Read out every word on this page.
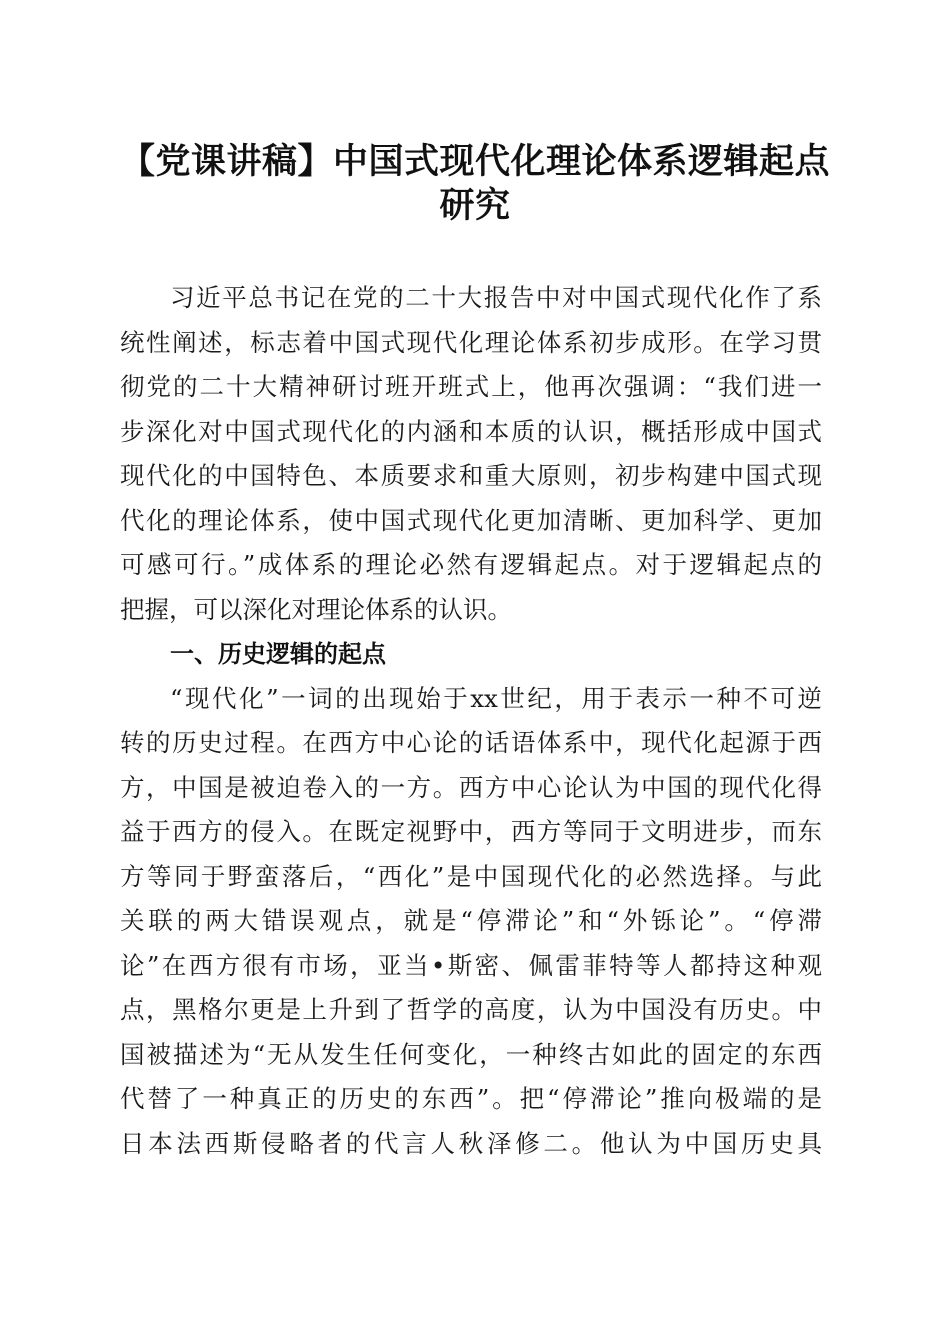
【党课讲稿】中国式现代化理论体系逻辑起点
研究

习近平总书记在党的二十大报告中对中国式现代化作了系

统性阐述，标志着中国式现代化理论体系初步成形。在学习贯

彻党的二十大精神研讨班开班式上，他再次强调：“我们进一

步深化对中国式现代化的内涵和本质的认识，概括形成中国式

现代化的中国特色、本质要求和重大原则，初步构建中国式现

代化的理论体系，使中国式现代化更加清晰、更加科学、更加

可感可行。”成体系的理论必然有逻辑起点。对于逻辑起点的

把握，可以深化对理论体系的认识。

一、历史逻辑的起点

“现代化”一词的出现始于xx世纪，用于表示一种不可逆

转的历史过程。在西方中心论的话语体系中，现代化起源于西

方，中国是被迫卷入的一方。西方中心论认为中国的现代化得

益于西方的侵入。在既定视野中，西方等同于文明进步，而东

方等同于野蛮落后，“西化”是中国现代化的必然选择。与此

关联的两大错误观点，就是“停滞论”和“外铄论”。“停滞

论”在西方很有市场，亚当•斯密、佩雷菲特等人都持这种观

点，黑格尔更是上升到了哲学的高度，认为中国没有历史。中

国被描述为“无从发生任何变化，一种终古如此的固定的东西

代替了一种真正的历史的东西”。把“停滞论”推向极端的是

日本法西斯侵略者的代言人秋泽修二。他认为中国历史具
